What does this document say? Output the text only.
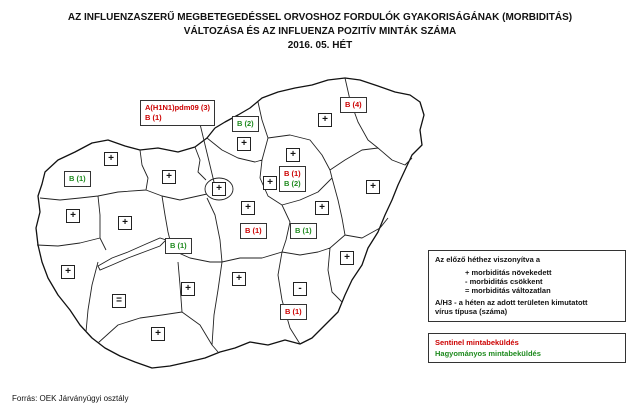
AZ INFLUENZASZERŰ MEGBETEGEDÉSSEL ORVOSHOZ FORDULÓK GYAKORISÁGÁNAK (MORBIDITÁS)
VÁLTOZÁSA ÉS AZ INFLUENZA POZITÍV MINTÁK SZÁMA
2016. 05. HÉT
+
+
+
+
+
+
+
+
+
+
+
+
+
+
+
+
-
=
+
A(H1N1)pdm09 (3)
B (1)
B (4)
B (2)
B (1)
B (1)
B (2)
B (1)	B (1)
B (1)
B (1)
Az előző héthez viszonyítva a
+ morbiditás növekedett
- morbiditás csökkent
= morbiditás változatlan
A/H3 - a héten az adott területen kimutatott
vírus típusa (száma)
Sentinel mintabeküldés
Hagyományos mintabeküldés
Forrás: OEK Járványügyi osztály
